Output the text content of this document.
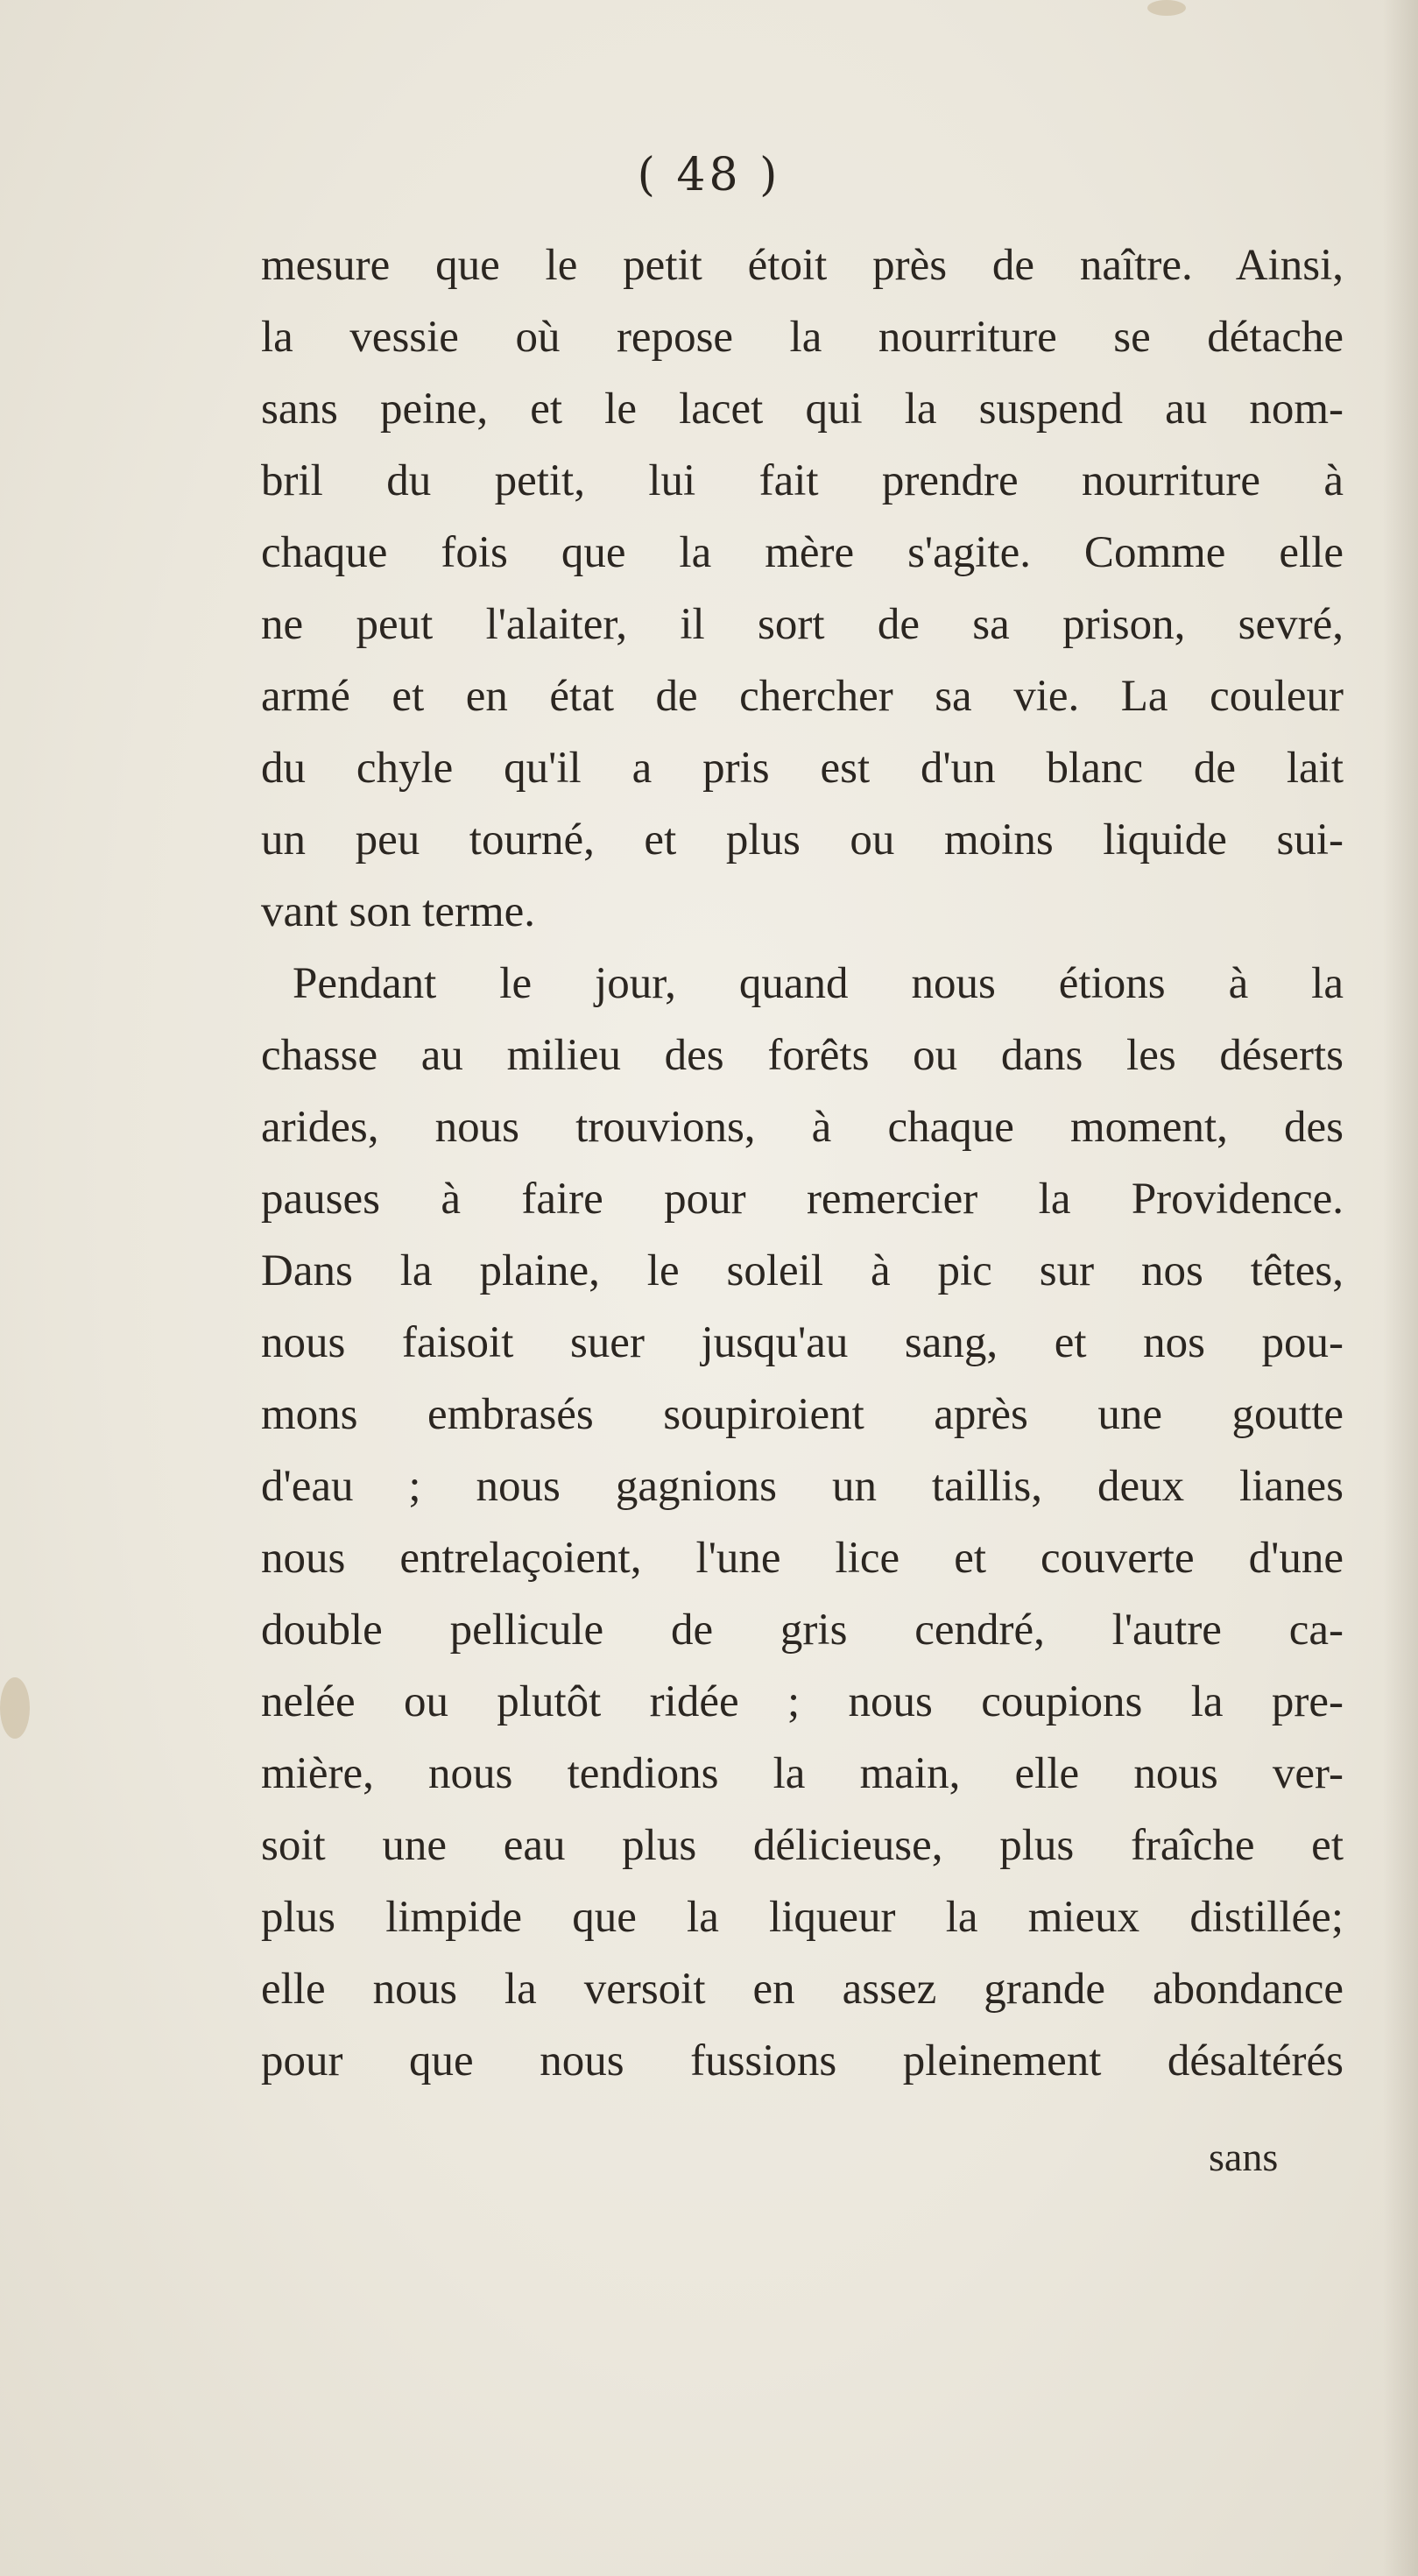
( 48 )
mesure que le petit étoit près de naître. Ainsi,
la vessie où repose la nourriture se détache
sans peine, et le lacet qui la suspend au nom-
bril du petit, lui fait prendre nourriture à
chaque fois que la mère s'agite. Comme elle
ne peut l'alaiter, il sort de sa prison, sevré,
armé et en état de chercher sa vie. La couleur
du chyle qu'il a pris est d'un blanc de lait
un peu tourné, et plus ou moins liquide sui-
vant son terme.
Pendant le jour, quand nous étions à la
chasse au milieu des forêts ou dans les déserts
arides, nous trouvions, à chaque moment, des
pauses à faire pour remercier la Providence.
Dans la plaine, le soleil à pic sur nos têtes,
nous faisoit suer jusqu'au sang, et nos pou-
mons embrasés soupiroient après une goutte
d'eau ; nous gagnions un taillis, deux lianes
nous entrelaçoient, l'une lice et couverte d'une
double pellicule de gris cendré, l'autre ca-
nelée ou plutôt ridée ; nous coupions la pre-
mière, nous tendions la main, elle nous ver-
soit une eau plus délicieuse, plus fraîche et
plus limpide que la liqueur la mieux distillée;
elle nous la versoit en assez grande abondance
pour que nous fussions pleinement désaltérés
sans
